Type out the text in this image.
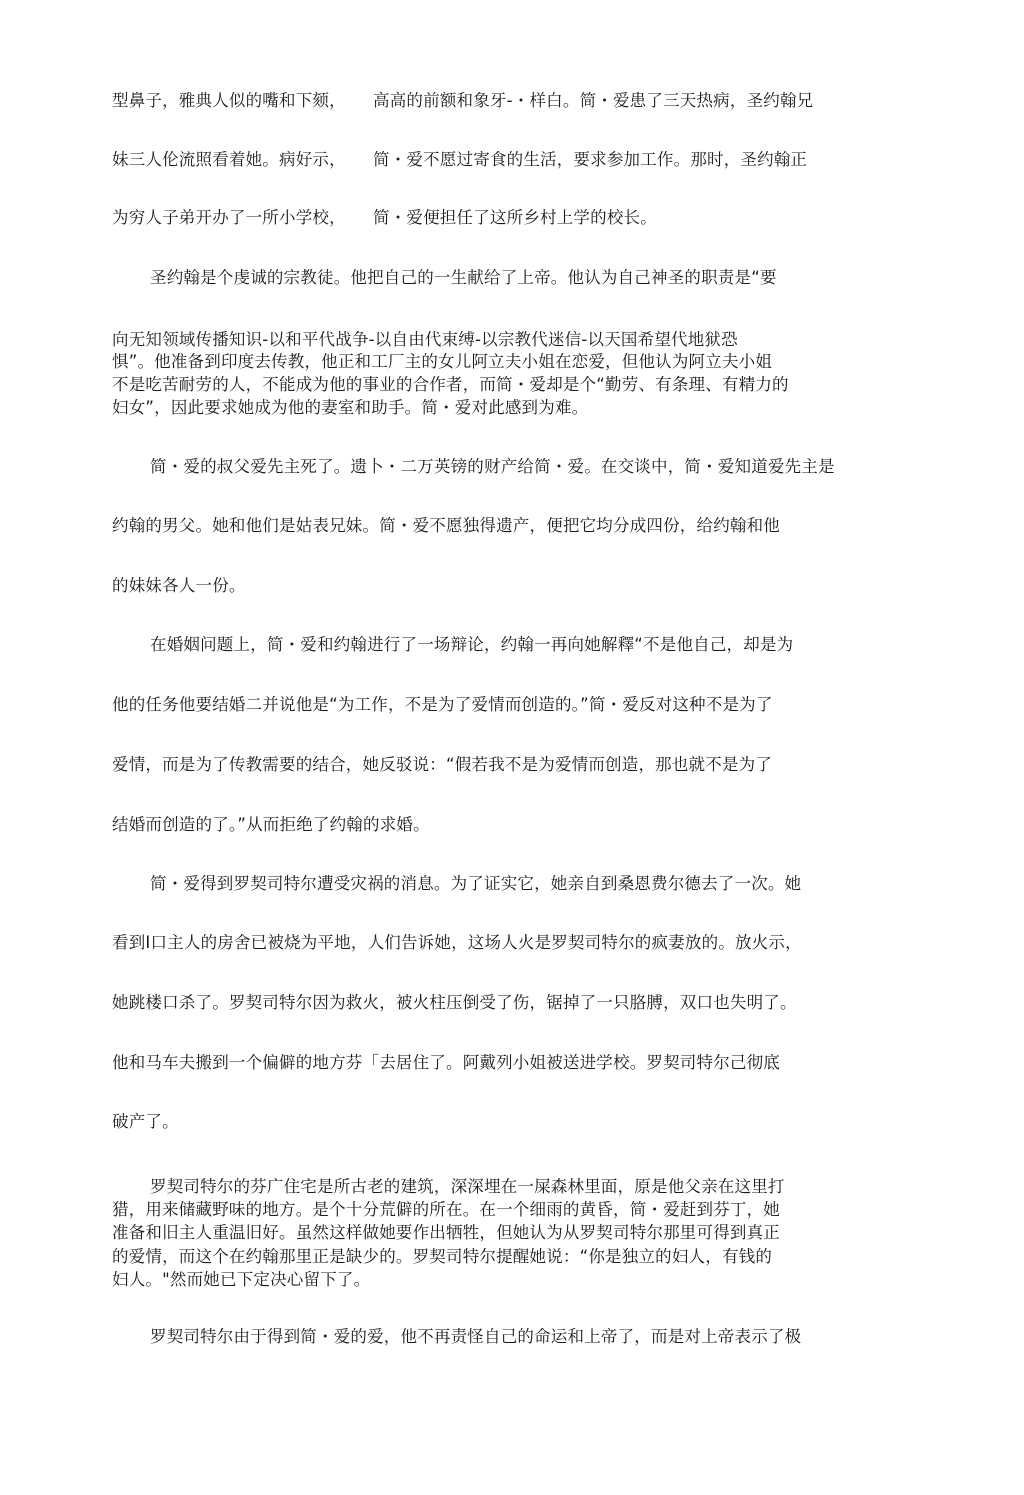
型鼻子，雅典人似的嘴和下颏，     高高的前额和象牙-・样白。简・爱患了三天热病，圣约翰兄
妹三人伦流照看着她。病好示，     简・爱不愿过寄食的生活，要求参加工作。那时，圣约翰正
为穷人子弟开办了一所小学校，     简・爱便担任了这所乡村上学的校长。
圣约翰是个虔诚的宗教徒。他把自己的一生献给了上帝。他认为自己神圣的职责是“要
向无知领域传播知识-以和平代战争-以自由代束缚-以宗教代迷信-以天国希望代地狱恐
惧”。他准备到印度去传教，他正和工厂主的女儿阿立夫小姐在恋爱，但他认为阿立夫小姐
不是吃苦耐劳的人，不能成为他的事业的合作者，而简・爱却是个“勤劳、有条理、有精力的
妇女”，因此要求她成为他的妻室和助手。简・爱对此感到为难。
简・爱的叔父爱先主死了。遗卜・二万英镑的财产给简・爱。在交谈中，简・爱知道爱先主是
约翰的男父。她和他们是姑表兄妹。简・爱不愿独得遗产，便把它均分成四份，给约翰和他
的妹妹各人一份。
在婚姻问题上，简・爱和约翰进行了一场辩论，约翰一再向她解釋“不是他自己，却是为
他的任务他要结婚二并说他是“为工作，不是为了爱情而创造的。”简・爱反对这种不是为了
爱情，而是为了传教需要的结合，她反驳说：“假若我不是为爱情而创造，那也就不是为了
结婚而创造的了。”从而拒绝了约翰的求婚。
简・爱得到罗契司特尔遭受灾祸的消息。为了证实它，她亲自到桑恩费尔德去了一次。她
看到I口主人的房舍已被烧为平地，人们告诉她，这场人火是罗契司特尔的疯妻放的。放火示，
她跳楼口杀了。罗契司特尔因为救火，被火柱压倒受了伤，锯掉了一只胳膊，双口也失明了。
他和马车夫搬到一个偏僻的地方芬「去居住了。阿戴列小姐被送进学校。罗契司特尔己彻底
破产了。
罗契司特尔的芬广住宅是所古老的建筑，深深埋在一屎森林里面，原是他父亲在这里打
猎，用来储藏野味的地方。是个十分荒僻的所在。在一个细雨的黄昏，简・爱赶到芬丁，她
准备和旧主人重温旧好。虽然这样做她要作出牺牲，但她认为从罗契司特尔那里可得到真正
的爱情，而这个在约翰那里正是缺少的。罗契司特尔提醒她说：“你是独立的妇人，有钱的
妇人。"然而她已下定决心留下了。
罗契司特尔由于得到简・爱的爱，他不再责怪自己的命运和上帝了，而是对上帝表示了极
